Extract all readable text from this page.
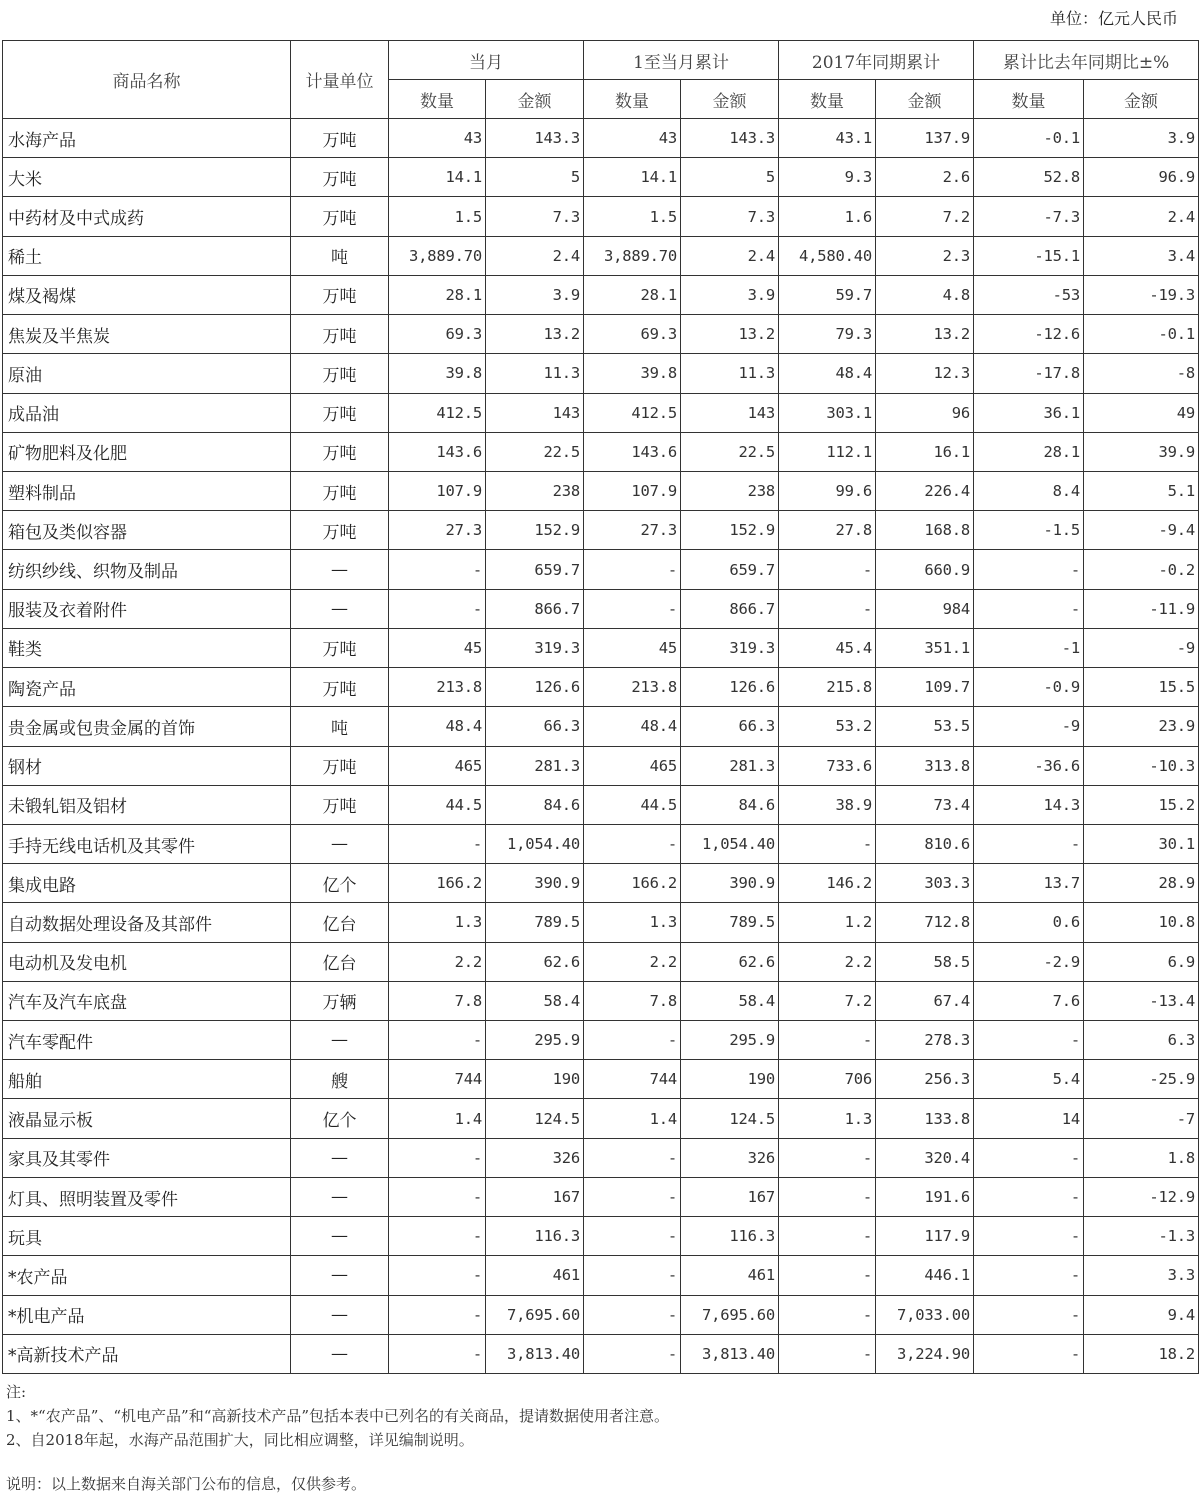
单位：亿元人民币
商品名称	计量单位	当月		1至当月累计		2017年同期累计		累计比去年同期比±%	
		数量	金额	数量	金额	数量	金额	数量	金额
水海产品	万吨	43	143.3	43	143.3	43.1	137.9	-0.1	3.9
大米	万吨	14.1	5	14.1	5	9.3	2.6	52.8	96.9
中药材及中式成药	万吨	1.5	7.3	1.5	7.3	1.6	7.2	-7.3	2.4
稀土	吨	3,889.70	2.4	3,889.70	2.4	4,580.40	2.3	-15.1	3.4
煤及褐煤	万吨	28.1	3.9	28.1	3.9	59.7	4.8	-53	-19.3
焦炭及半焦炭	万吨	69.3	13.2	69.3	13.2	79.3	13.2	-12.6	-0.1
原油	万吨	39.8	11.3	39.8	11.3	48.4	12.3	-17.8	-8
成品油	万吨	412.5	143	412.5	143	303.1	96	36.1	49
矿物肥料及化肥	万吨	143.6	22.5	143.6	22.5	112.1	16.1	28.1	39.9
塑料制品	万吨	107.9	238	107.9	238	99.6	226.4	8.4	5.1
箱包及类似容器	万吨	27.3	152.9	27.3	152.9	27.8	168.8	-1.5	-9.4
纺织纱线、织物及制品	—	-	659.7	-	659.7	-	660.9	-	-0.2
服装及衣着附件	—	-	866.7	-	866.7	-	984	-	-11.9
鞋类	万吨	45	319.3	45	319.3	45.4	351.1	-1	-9
陶瓷产品	万吨	213.8	126.6	213.8	126.6	215.8	109.7	-0.9	15.5
贵金属或包贵金属的首饰	吨	48.4	66.3	48.4	66.3	53.2	53.5	-9	23.9
钢材	万吨	465	281.3	465	281.3	733.6	313.8	-36.6	-10.3
未锻轧铝及铝材	万吨	44.5	84.6	44.5	84.6	38.9	73.4	14.3	15.2
手持无线电话机及其零件	—	-	1,054.40	-	1,054.40	-	810.6	-	30.1
集成电路	亿个	166.2	390.9	166.2	390.9	146.2	303.3	13.7	28.9
自动数据处理设备及其部件	亿台	1.3	789.5	1.3	789.5	1.2	712.8	0.6	10.8
电动机及发电机	亿台	2.2	62.6	2.2	62.6	2.2	58.5	-2.9	6.9
汽车及汽车底盘	万辆	7.8	58.4	7.8	58.4	7.2	67.4	7.6	-13.4
汽车零配件	—	-	295.9	-	295.9	-	278.3	-	6.3
船舶	艘	744	190	744	190	706	256.3	5.4	-25.9
液晶显示板	亿个	1.4	124.5	1.4	124.5	1.3	133.8	14	-7
家具及其零件	—	-	326	-	326	-	320.4	-	1.8
灯具、照明装置及零件	—	-	167	-	167	-	191.6	-	-12.9
玩具	—	-	116.3	-	116.3	-	117.9	-	-1.3
*农产品	—	-	461	-	461	-	446.1	-	3.3
*机电产品	—	-	7,695.60	-	7,695.60	-	7,033.00	-	9.4
*高新技术产品	—	-	3,813.40	-	3,813.40	-	3,224.90	-	18.2

注:

1、*“农产品”、“机电产品”和“高新技术产品”包括本表中已列名的有关商品，提请数据使用者注意。

2、自2018年起，水海产品范围扩大，同比相应调整，详见编制说明。

说明：以上数据来自海关部门公布的信息，仅供参考。
